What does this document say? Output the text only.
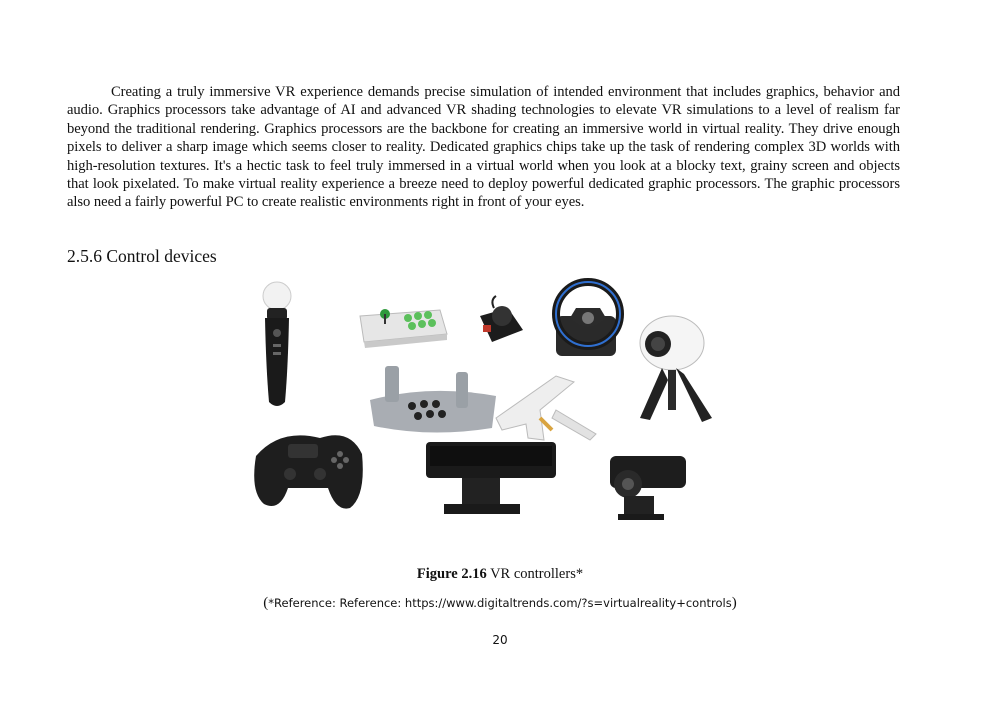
Creating a truly immersive VR experience demands precise simulation of intended environment that includes graphics, behavior and audio. Graphics processors take advantage of AI and advanced VR shading technologies to elevate VR simulations to a level of realism far beyond the traditional rendering. Graphics processors are the backbone for creating an immersive world in virtual reality. They drive enough pixels to deliver a sharp image which seems closer to reality. Dedicated graphics chips take up the task of rendering complex 3D worlds with high-resolution textures. It's a hectic task to feel truly immersed in a virtual world when you look at a blocky text, grainy screen and objects that look pixelated. To make virtual reality experience a breeze need to deploy powerful dedicated graphic processors. The graphic processors also need a fairly powerful PC to create realistic environments right in front of your eyes.

2.5.6 Control devices

Figure 2.16 VR controllers*

(*Reference: Reference: https://www.digitaltrends.com/?s=virtualreality+controls)

20
